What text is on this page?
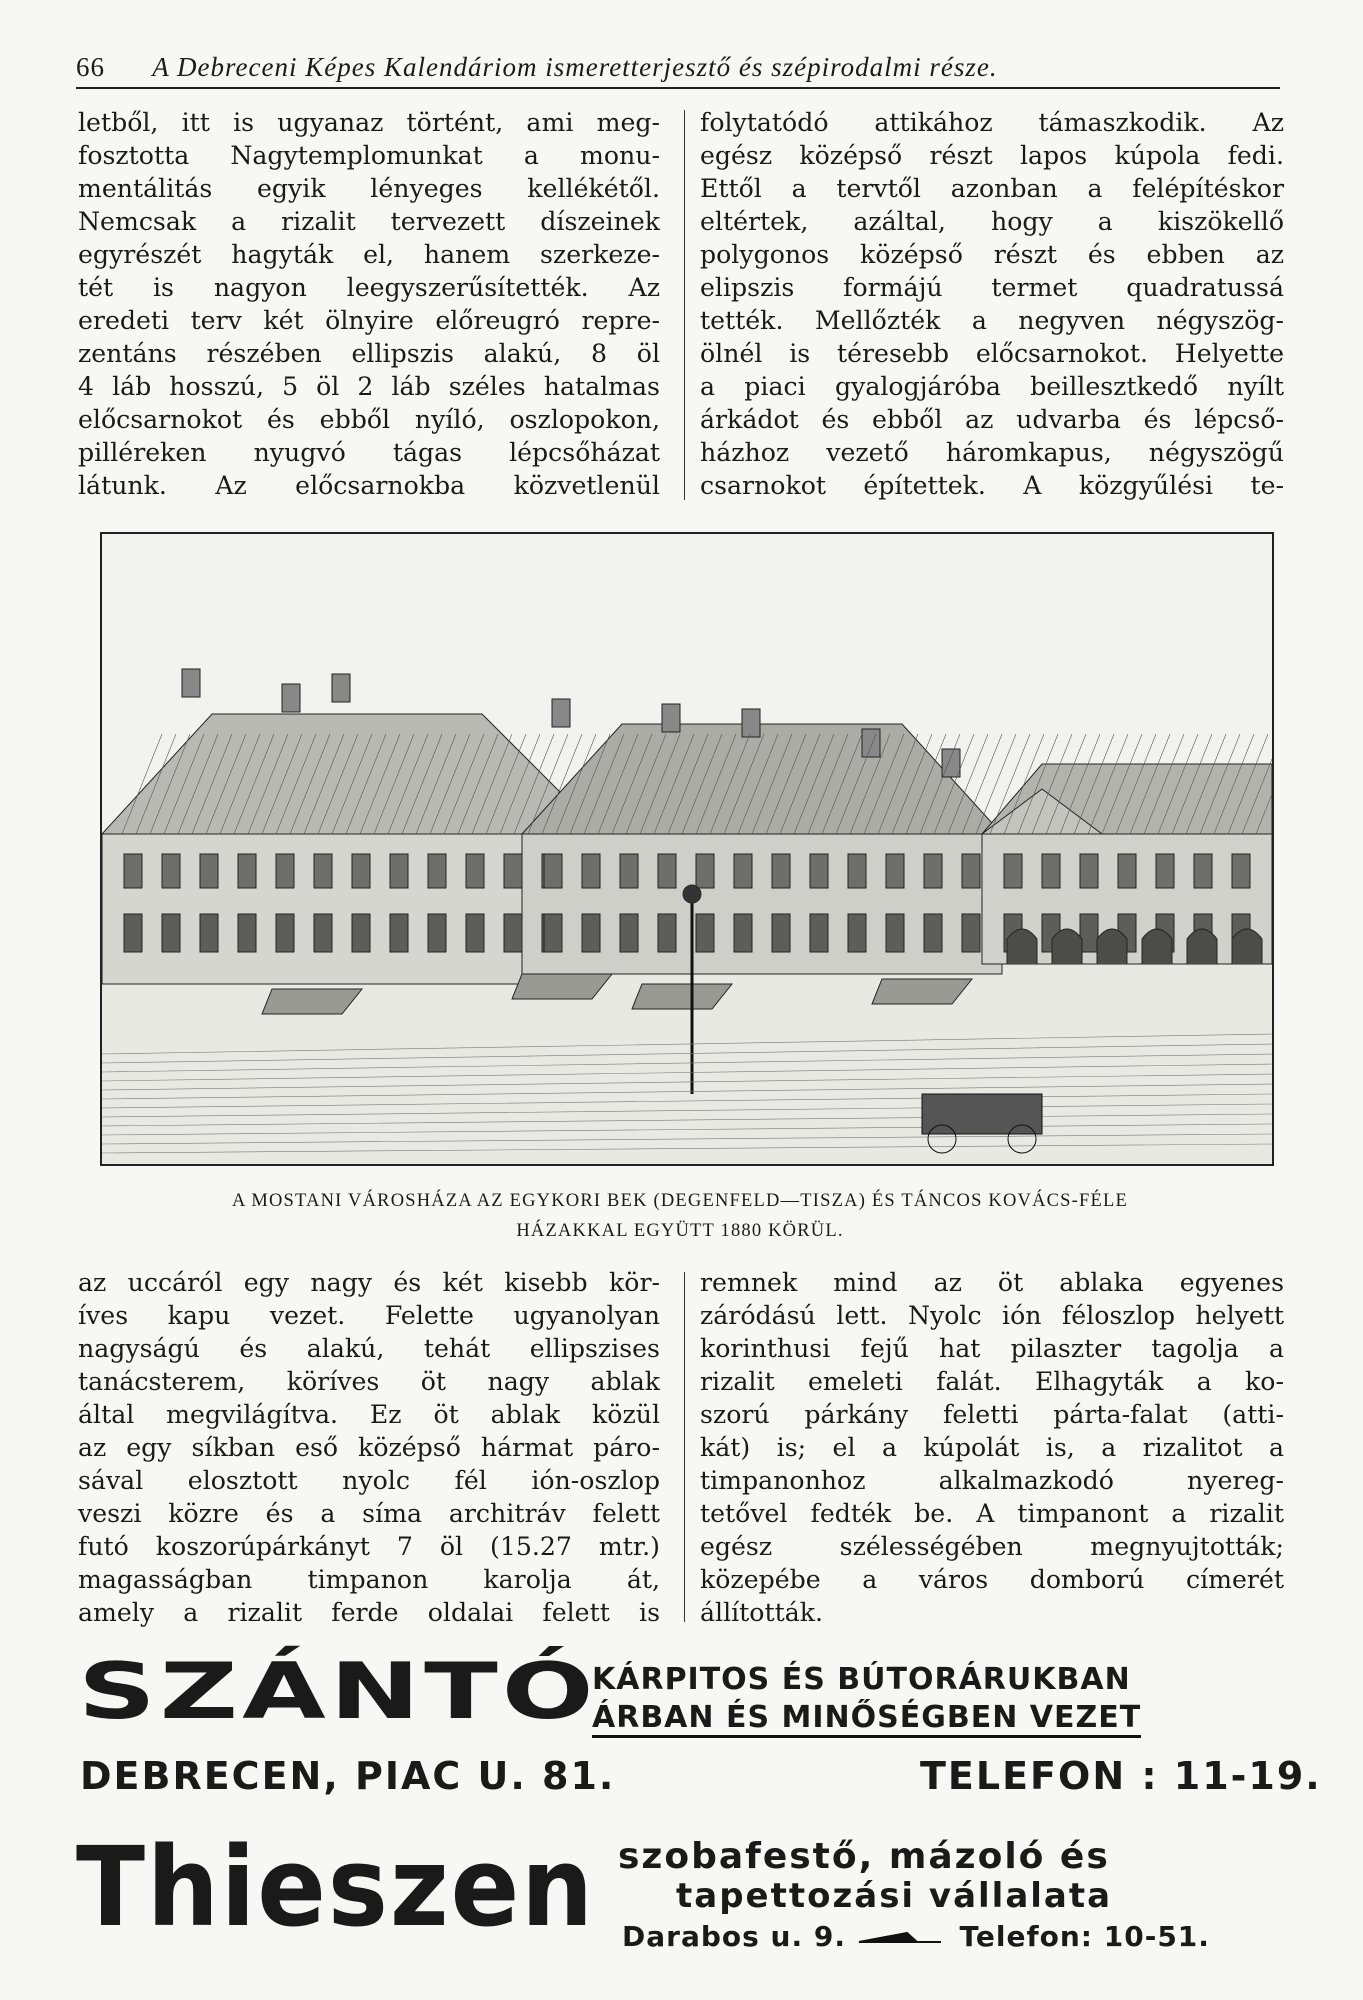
66 A Debreceni Képes Kalendáriom ismeretterjesztő és szépirodalmi része.
letből, itt is ugyanaz történt, ami meg-
fosztotta Nagytemplomunkat a monu-
mentálitás egyik lényeges kellékétől.
Nemcsak a rizalit tervezett díszeinek
egyrészét hagyták el, hanem szerkeze-
tét is nagyon leegyszerűsítették. Az
eredeti terv két ölnyire előreugró repre-
zentáns részében ellipszis alakú, 8 öl
4 láb hosszú, 5 öl 2 láb széles hatalmas
előcsarnokot és ebből nyíló, oszlopokon,
pilléreken nyugvó tágas lépcsőházat
látunk. Az előcsarnokba közvetlenül
folytatódó attikához támaszkodik. Az
egész középső részt lapos kúpola fedi.
Ettől a tervtől azonban a felépítéskor
eltértek, azáltal, hogy a kiszökellő
polygonos középső részt és ebben az
elipszis formájú termet quadratussá
tették. Mellőzték a negyven négyszög-
ölnél is téresebb előcsarnokot. Helyette
a piaci gyalogjáróba beillesztkedő nyílt
árkádot és ebből az udvarba és lépcső-
házhoz vezető háromkapus, négyszögű
csarnokot építettek. A közgyűlési te-
A MOSTANI VÁROSHÁZA AZ EGYKORI BEK (DEGENFELD—TISZA) ÉS TÁNCOS KOVÁCS-FÉLE
HÁZAKKAL EGYÜTT 1880 KÖRÜL.
az uccáról egy nagy és két kisebb kör-
íves kapu vezet. Felette ugyanolyan
nagyságú és alakú, tehát ellipszises
tanácsterem, köríves öt nagy ablak
által megvilágítva. Ez öt ablak közül
az egy síkban eső középső hármat páro-
sával elosztott nyolc fél ión-oszlop
veszi közre és a síma architráv felett
futó koszorúpárkányt 7 öl (15.27 mtr.)
magasságban timpanon karolja át,
amely a rizalit ferde oldalai felett is
remnek mind az öt ablaka egyenes
záródású lett. Nyolc ión féloszlop helyett
korinthusi fejű hat pilaszter tagolja a
rizalit emeleti falát. Elhagyták a ko-
szorú párkány feletti párta-falat (atti-
kát) is; el a kúpolát is, a rizalitot a
timpanonhoz alkalmazkodó nyereg-
tetővel fedték be. A timpanont a rizalit
egész szélességében megnyujtották;
közepébe a város domború címerét
állították.
SZÁNTÓ
KÁRPITOS ÉS BÚTORÁRUKBAN
ÁRBAN ÉS MINŐSÉGBEN VEZET
DEBRECEN, PIAC U. 81.	TELEFON : 11-19.
Thieszen szobafestő, mázoló és
tapettozási vállalata
Darabos u. 9.	Telefon: 10-51.
